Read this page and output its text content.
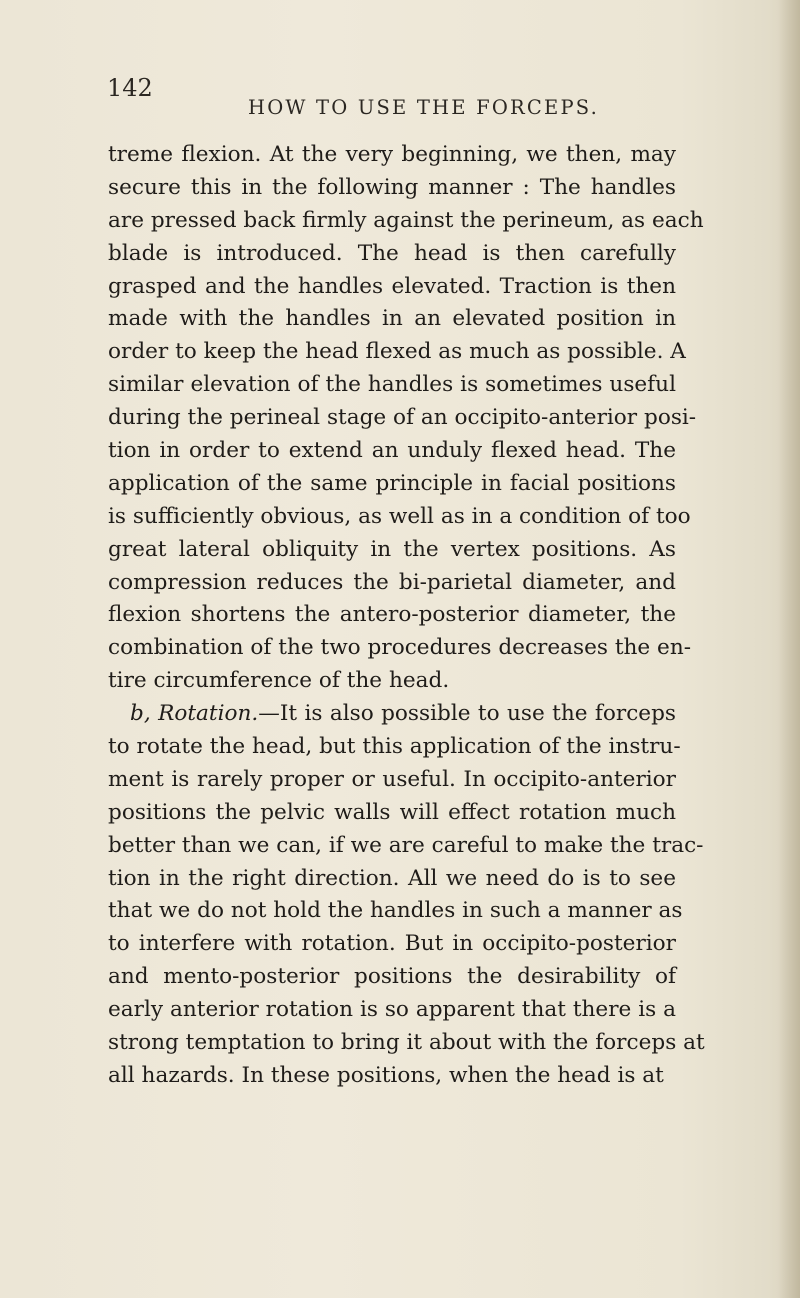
142
HOW TO USE THE FORCEPS.
treme flexion. At the very beginning, we then, may
secure this in the following manner : The handles
are pressed back firmly against the perineum, as each
blade is introduced. The head is then carefully
grasped and the handles elevated. Traction is then
made with the handles in an elevated position in
order to keep the head flexed as much as possible. A
similar elevation of the handles is sometimes useful
during the perineal stage of an occipito-anterior posi-
tion in order to extend an unduly flexed head. The
application of the same principle in facial positions
is sufficiently obvious, as well as in a condition of too
great lateral obliquity in the vertex positions. As
compression reduces the bi-parietal diameter, and
flexion shortens the antero-posterior diameter, the
combination of the two procedures decreases the en-
tire circumference of the head.
b, Rotation.—It is also possible to use the forceps
to rotate the head, but this application of the instru-
ment is rarely proper or useful. In occipito-anterior
positions the pelvic walls will effect rotation much
better than we can, if we are careful to make the trac-
tion in the right direction. All we need do is to see
that we do not hold the handles in such a manner as
to interfere with rotation. But in occipito-posterior
and mento-posterior positions the desirability of
early anterior rotation is so apparent that there is a
strong temptation to bring it about with the forceps at
all hazards. In these positions, when the head is at
